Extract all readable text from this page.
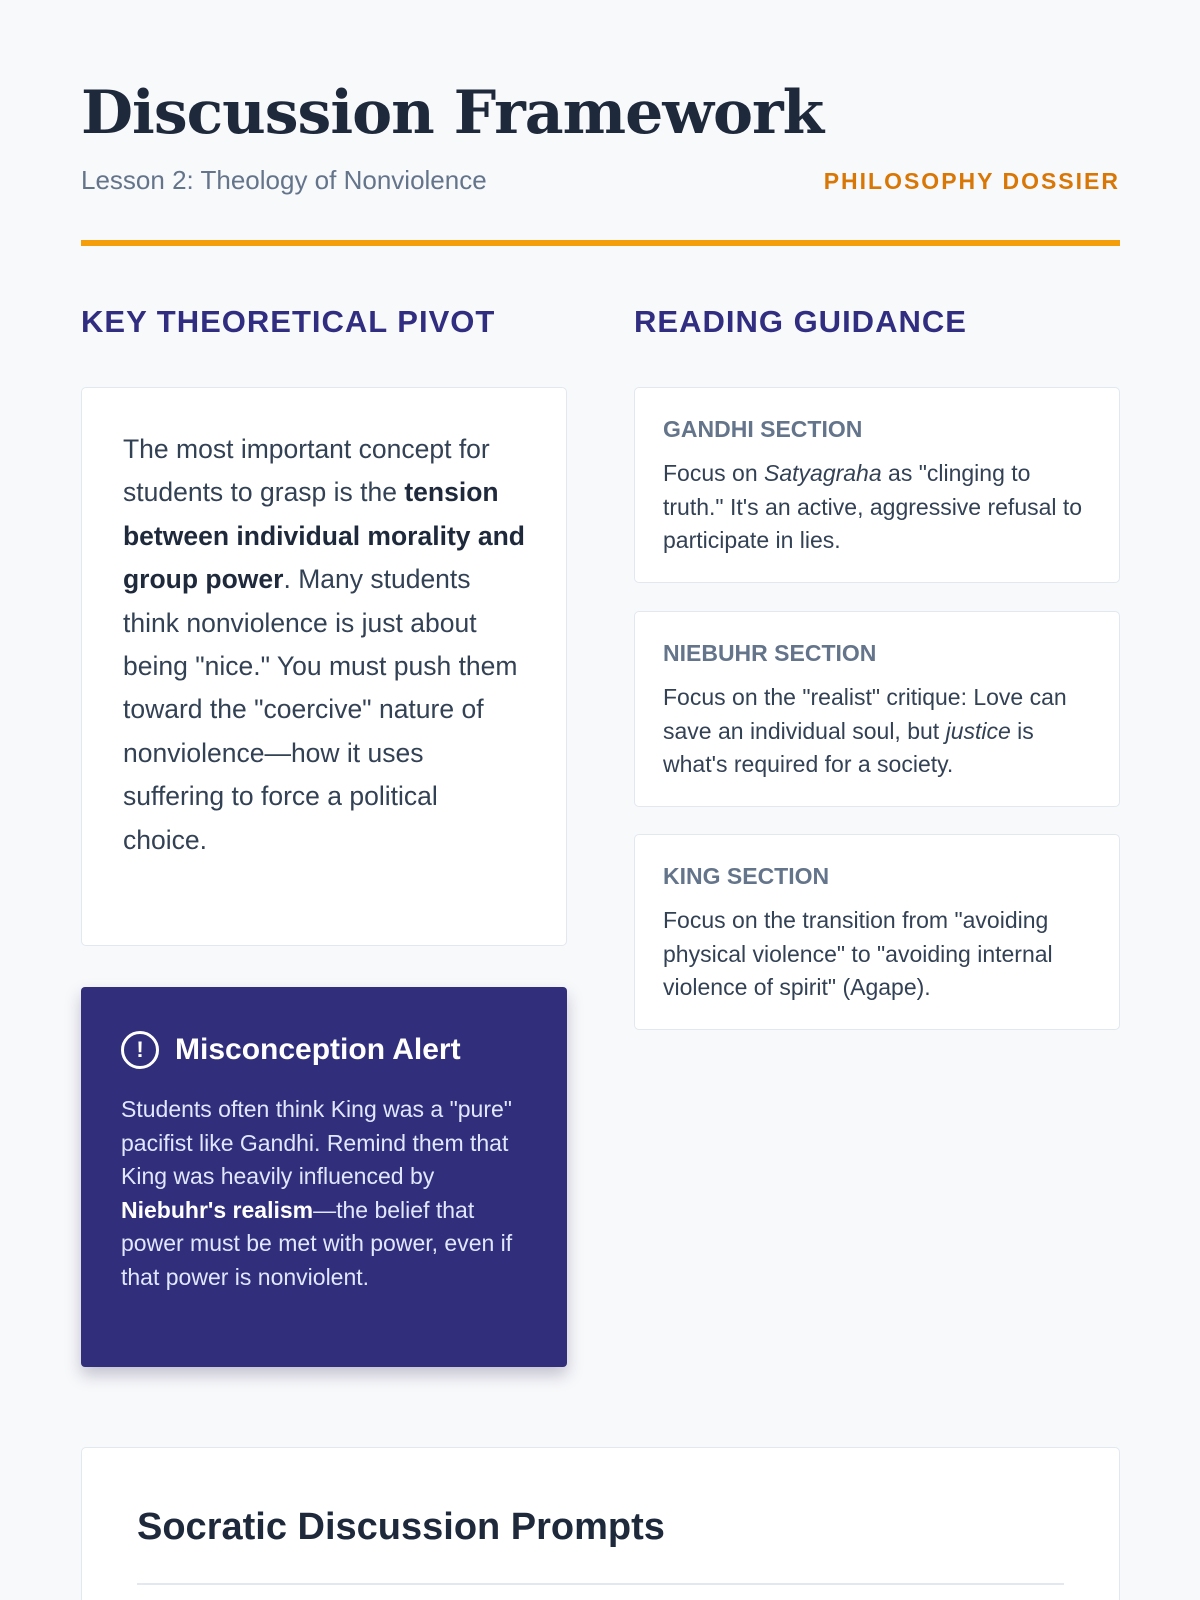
Discussion Framework
Lesson 2: Theology of Nonviolence	PHILOSOPHY DOSSIER
KEY THEORETICAL PIVOT	READING GUIDANCE

The most important concept for students to grasp is the tension between individual morality and group power. Many students think nonviolence is just about being "nice." You must push them toward the "coercive" nature of nonviolence—how it uses suffering to force a political choice.

!	Misconception Alert

Students often think King was a "pure" pacifist like Gandhi. Remind them that King was heavily influenced by Niebuhr's realism—the belief that power must be met with power, even if that power is nonviolent.

GANDHI SECTION

Focus on Satyagraha as "clinging to truth." It's an active, aggressive refusal to participate in lies.

NIEBUHR SECTION

Focus on the "realist" critique: Love can save an individual soul, but justice is what's required for a society.

KING SECTION

Focus on the transition from "avoiding physical violence" to "avoiding internal violence of spirit" (Agape).

Socratic Discussion Prompts
